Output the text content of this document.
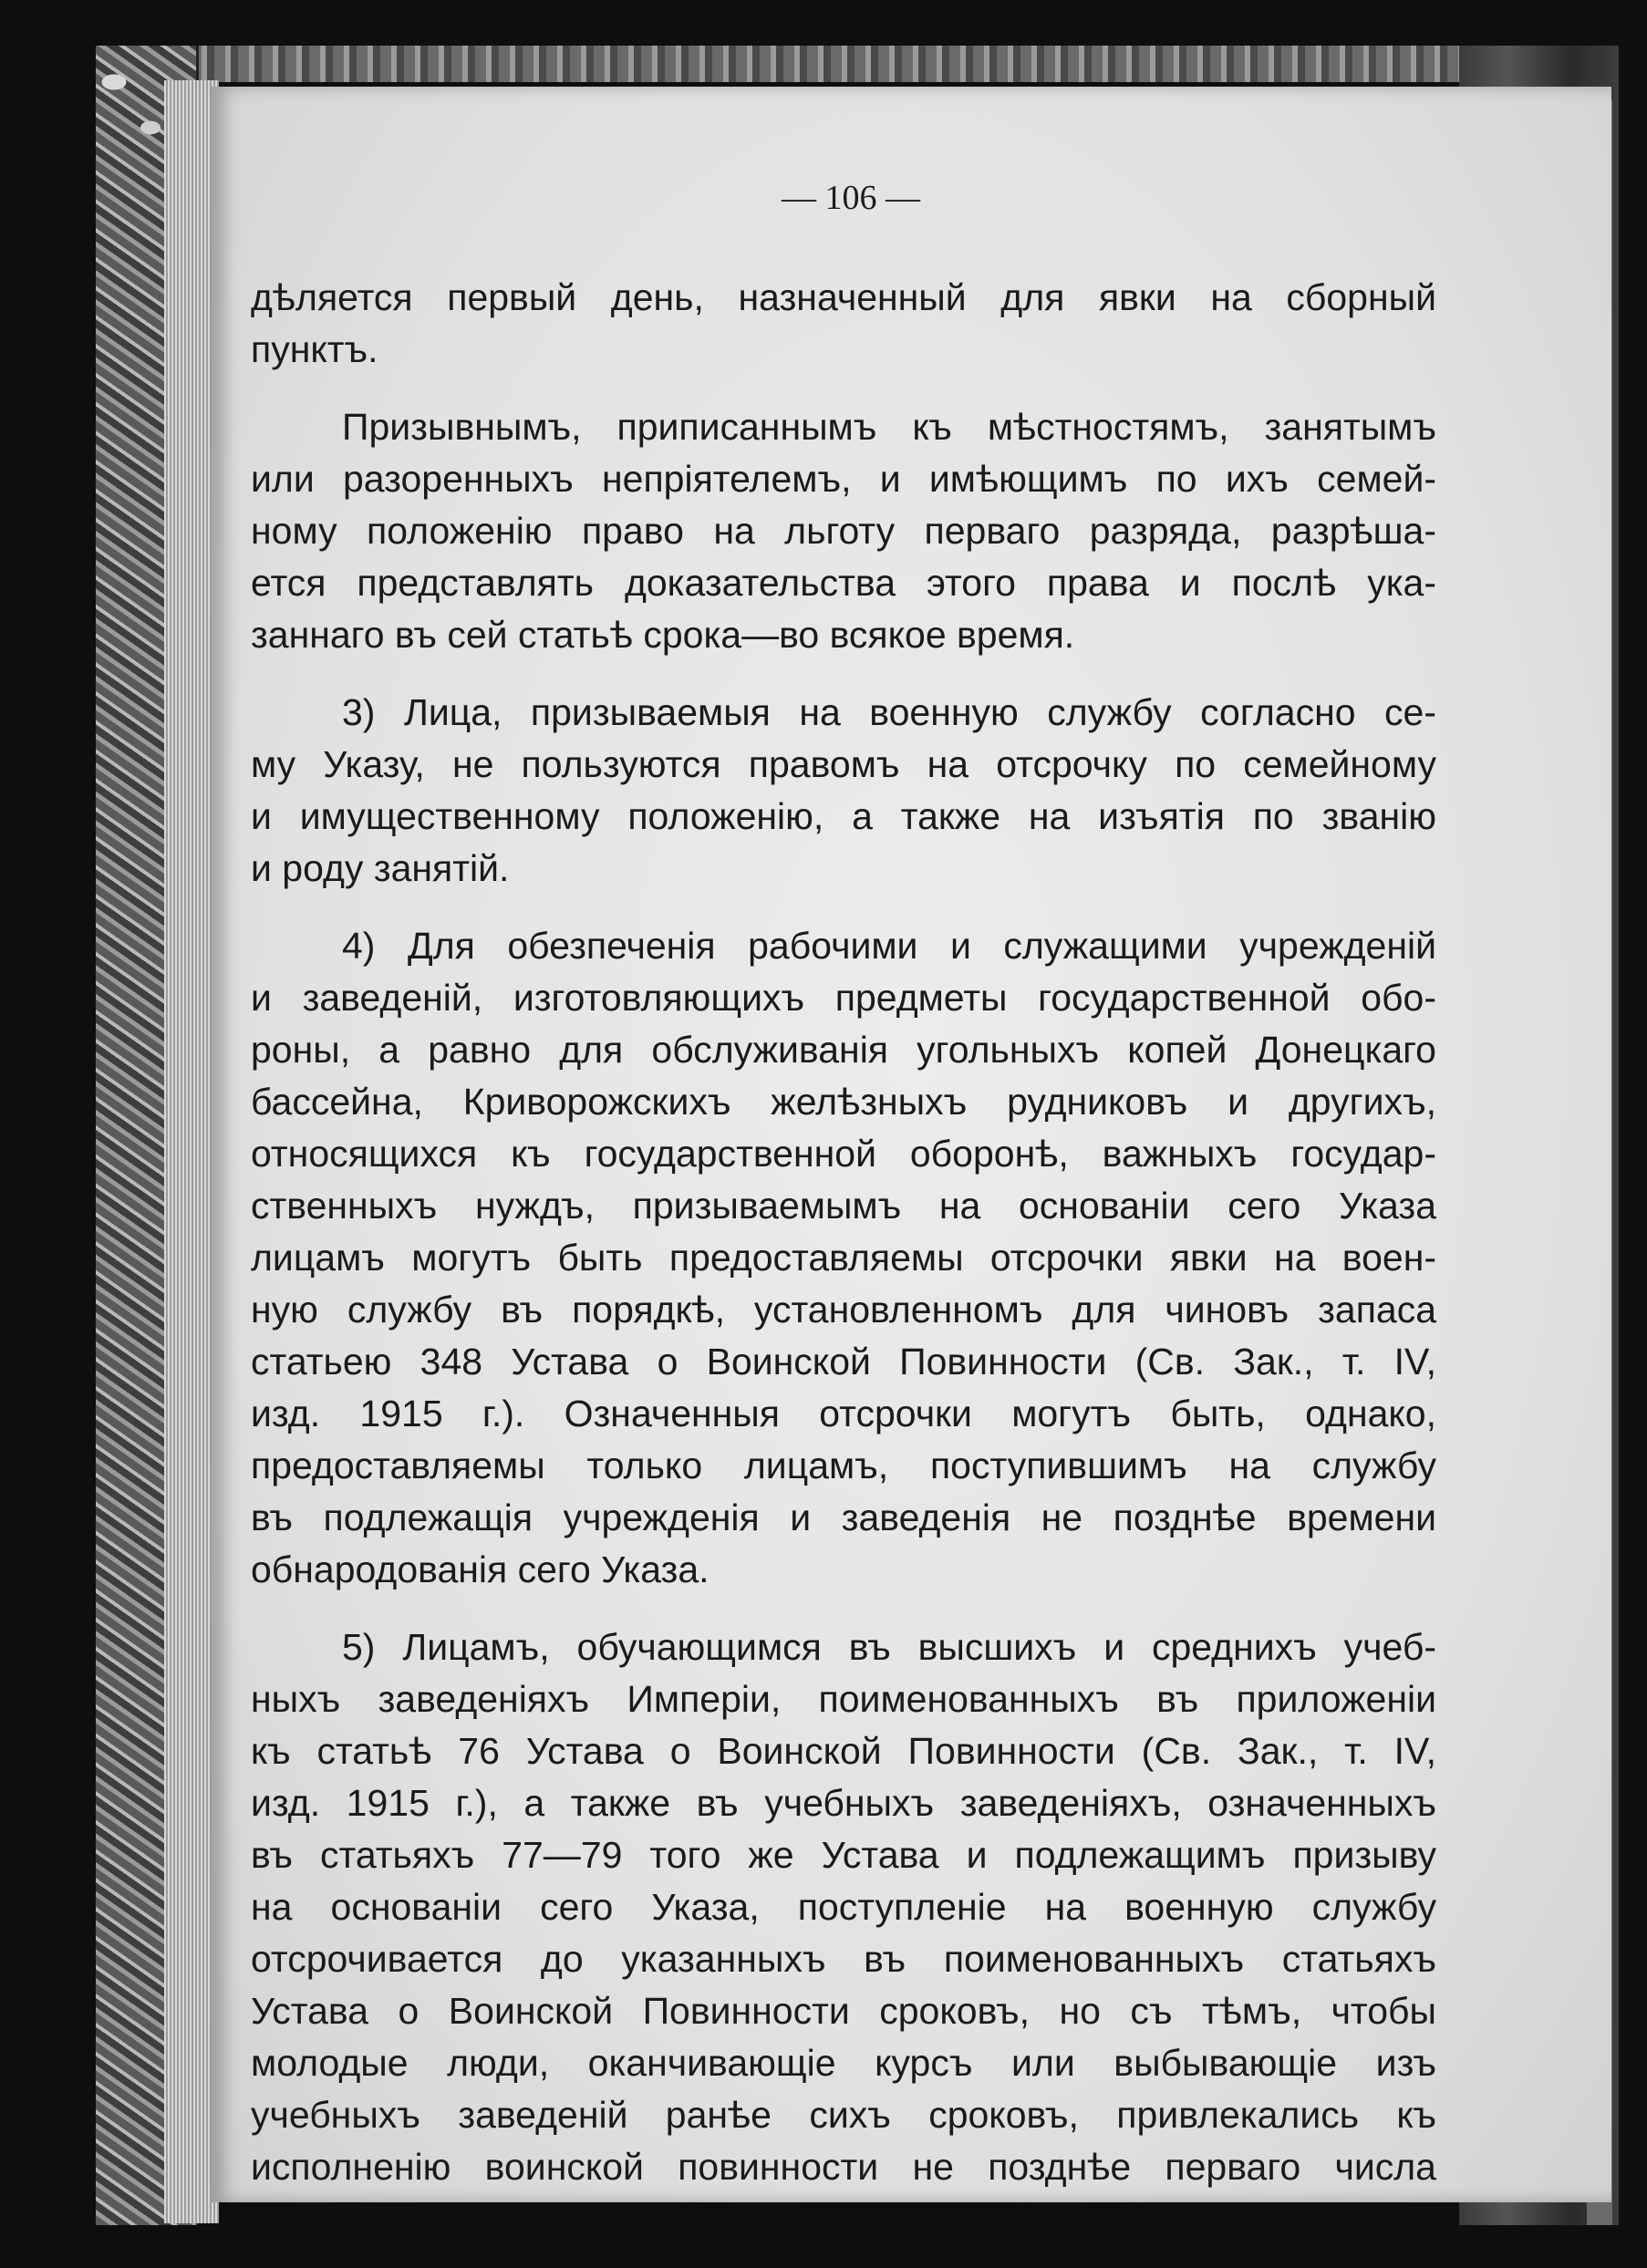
— 106 —
дѣляется первый день, назначенный для явки на сборный
пунктъ.
Призывнымъ, приписаннымъ къ мѣстностямъ, занятымъ
или разоренныхъ непріятелемъ, и имѣющимъ по ихъ семей-
ному положенію право на льготу перваго разряда, разрѣша-
ется представлять доказательства этого права и послѣ ука-
заннаго въ сей статьѣ срока—во всякое время.
3) Лица, призываемыя на военную службу согласно се-
му Указу, не пользуются правомъ на отсрочку по семейному
и имущественному положенію, а также на изъятія по званію
и роду занятій.
4) Для обезпеченія рабочими и служащими учрежденій
и заведеній, изготовляющихъ предметы государственной обо-
роны, а равно для обслуживанія угольныхъ копей Донецкаго
бассейна, Криворожскихъ желѣзныхъ рудниковъ и другихъ,
относящихся къ государственной оборонѣ, важныхъ государ-
ственныхъ нуждъ, призываемымъ на основаніи сего Указа
лицамъ могутъ быть предоставляемы отсрочки явки на воен-
ную службу въ порядкѣ, установленномъ для чиновъ запаса
статьею 348 Устава о Воинской Повинности (Св. Зак., т. IV,
изд. 1915 г.). Означенныя отсрочки могутъ быть, однако,
предоставляемы только лицамъ, поступившимъ на службу
въ подлежащія учрежденія и заведенія не позднѣе времени
обнародованія сего Указа.
5) Лицамъ, обучающимся въ высшихъ и среднихъ учеб-
ныхъ заведеніяхъ Имперіи, поименованныхъ въ приложеніи
къ статьѣ 76 Устава о Воинской Повинности (Св. Зак., т. IV,
изд. 1915 г.), а также въ учебныхъ заведеніяхъ, означенныхъ
въ статьяхъ 77—79 того же Устава и подлежащимъ призыву
на основаніи сего Указа, поступленіе на военную службу
отсрочивается до указанныхъ въ поименованныхъ статьяхъ
Устава о Воинской Повинности сроковъ, но съ тѣмъ, чтобы
молодые люди, оканчивающіе курсъ или выбывающіе изъ
учебныхъ заведеній ранѣе сихъ сроковъ, привлекались къ
исполненію воинской повинности не позднѣе перваго числа
